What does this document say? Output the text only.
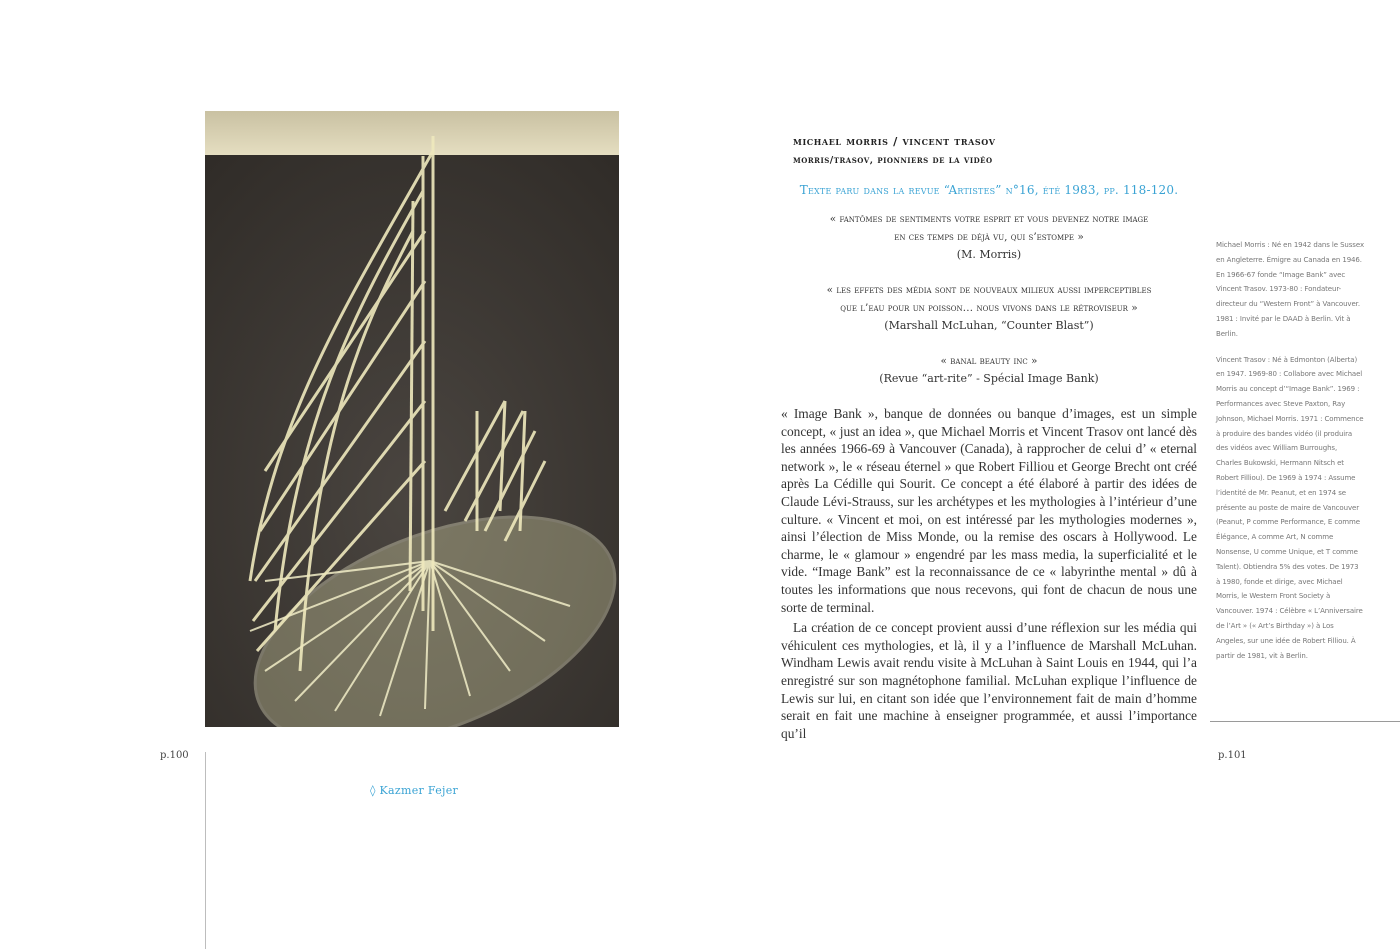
p.100
◊ Kazmer Fejer
michael morris / vincent trasov
morris/trasov, pionniers de la vidéo
Texte paru dans la revue “Artistes” n°16, été 1983, pp. 118-120.
« fantômes de sentiments votre esprit et vous devenez notre image
en ces temps de déjà vu, qui s’estompe »
(M. Morris)
« les effets des média sont de nouveaux milieux aussi imperceptibles
que l’eau pour un poisson… nous vivons dans le rétroviseur »
(Marshall McLuhan, “Counter Blast”)
« banal beauty inc »
(Revue “art-rite” - Spécial Image Bank)

« Image Bank », banque de données ou banque d’images, est un simple concept, « just an idea », que Michael Morris et Vincent Trasov ont lancé dès les années 1966-69 à Vancouver (Canada), à rapprocher de celui d’ « eternal network », le « réseau éternel » que Robert Filliou et George Brecht ont créé après La Cédille qui Sourit. Ce concept a été élaboré à partir des idées de Claude Lévi-Strauss, sur les archétypes et les mythologies à l’intérieur d’une culture. « Vincent et moi, on est intéressé par les mythologies modernes », ainsi l’élection de Miss Monde, ou la remise des oscars à Hollywood. Le charme, le « glamour » engendré par les mass media, la superficialité et le vide. “Image Bank” est la reconnaissance de ce « labyrinthe mental » dû à toutes les informations que nous recevons, qui font de chacun de nous une sorte de terminal.

La création de ce concept provient aussi d’une réflexion sur les média qui véhiculent ces mythologies, et là, il y a l’influence de Marshall McLuhan. Windham Lewis avait rendu visite à McLuhan à Saint Louis en 1944, qui l’a enregistré sur son magnétophone familial. McLuhan explique l’influence de Lewis sur lui, en citant son idée que l’environnement fait de main d’homme serait en fait une machine à enseigner programmée, et aussi l’importance qu’il

Michael Morris : Né en 1942 dans le Sussex en Angleterre. Émigre au Canada en 1946. En 1966-67 fonde “Image Bank” avec Vincent Trasov. 1973-80 : Fondateur-directeur du “Western Front” à Vancouver. 1981 : Invité par le DAAD à Berlin. Vit à Berlin.

Vincent Trasov : Né à Edmonton (Alberta) en 1947. 1969-80 : Collabore avec Michael Morris au concept d’“Image Bank”. 1969 : Performances avec Steve Paxton, Ray Johnson, Michael Morris. 1971 : Commence à produire des bandes vidéo (il produira des vidéos avec William Burroughs, Charles Bukowski, Hermann Nitsch et Robert Filliou). De 1969 à 1974 : Assume l’identité de Mr. Peanut, et en 1974 se présente au poste de maire de Vancouver (Peanut, P comme Performance, E comme Élégance, A comme Art, N comme Nonsense, U comme Unique, et T comme Talent). Obtiendra 5% des votes. De 1973 à 1980, fonde et dirige, avec Michael Morris, le Western Front Society à Vancouver. 1974 : Célèbre « L’Anniversaire de l’Art » (« Art’s Birthday ») à Los Angeles, sur une idée de Robert Filliou. À partir de 1981, vit à Berlin.

p.101
